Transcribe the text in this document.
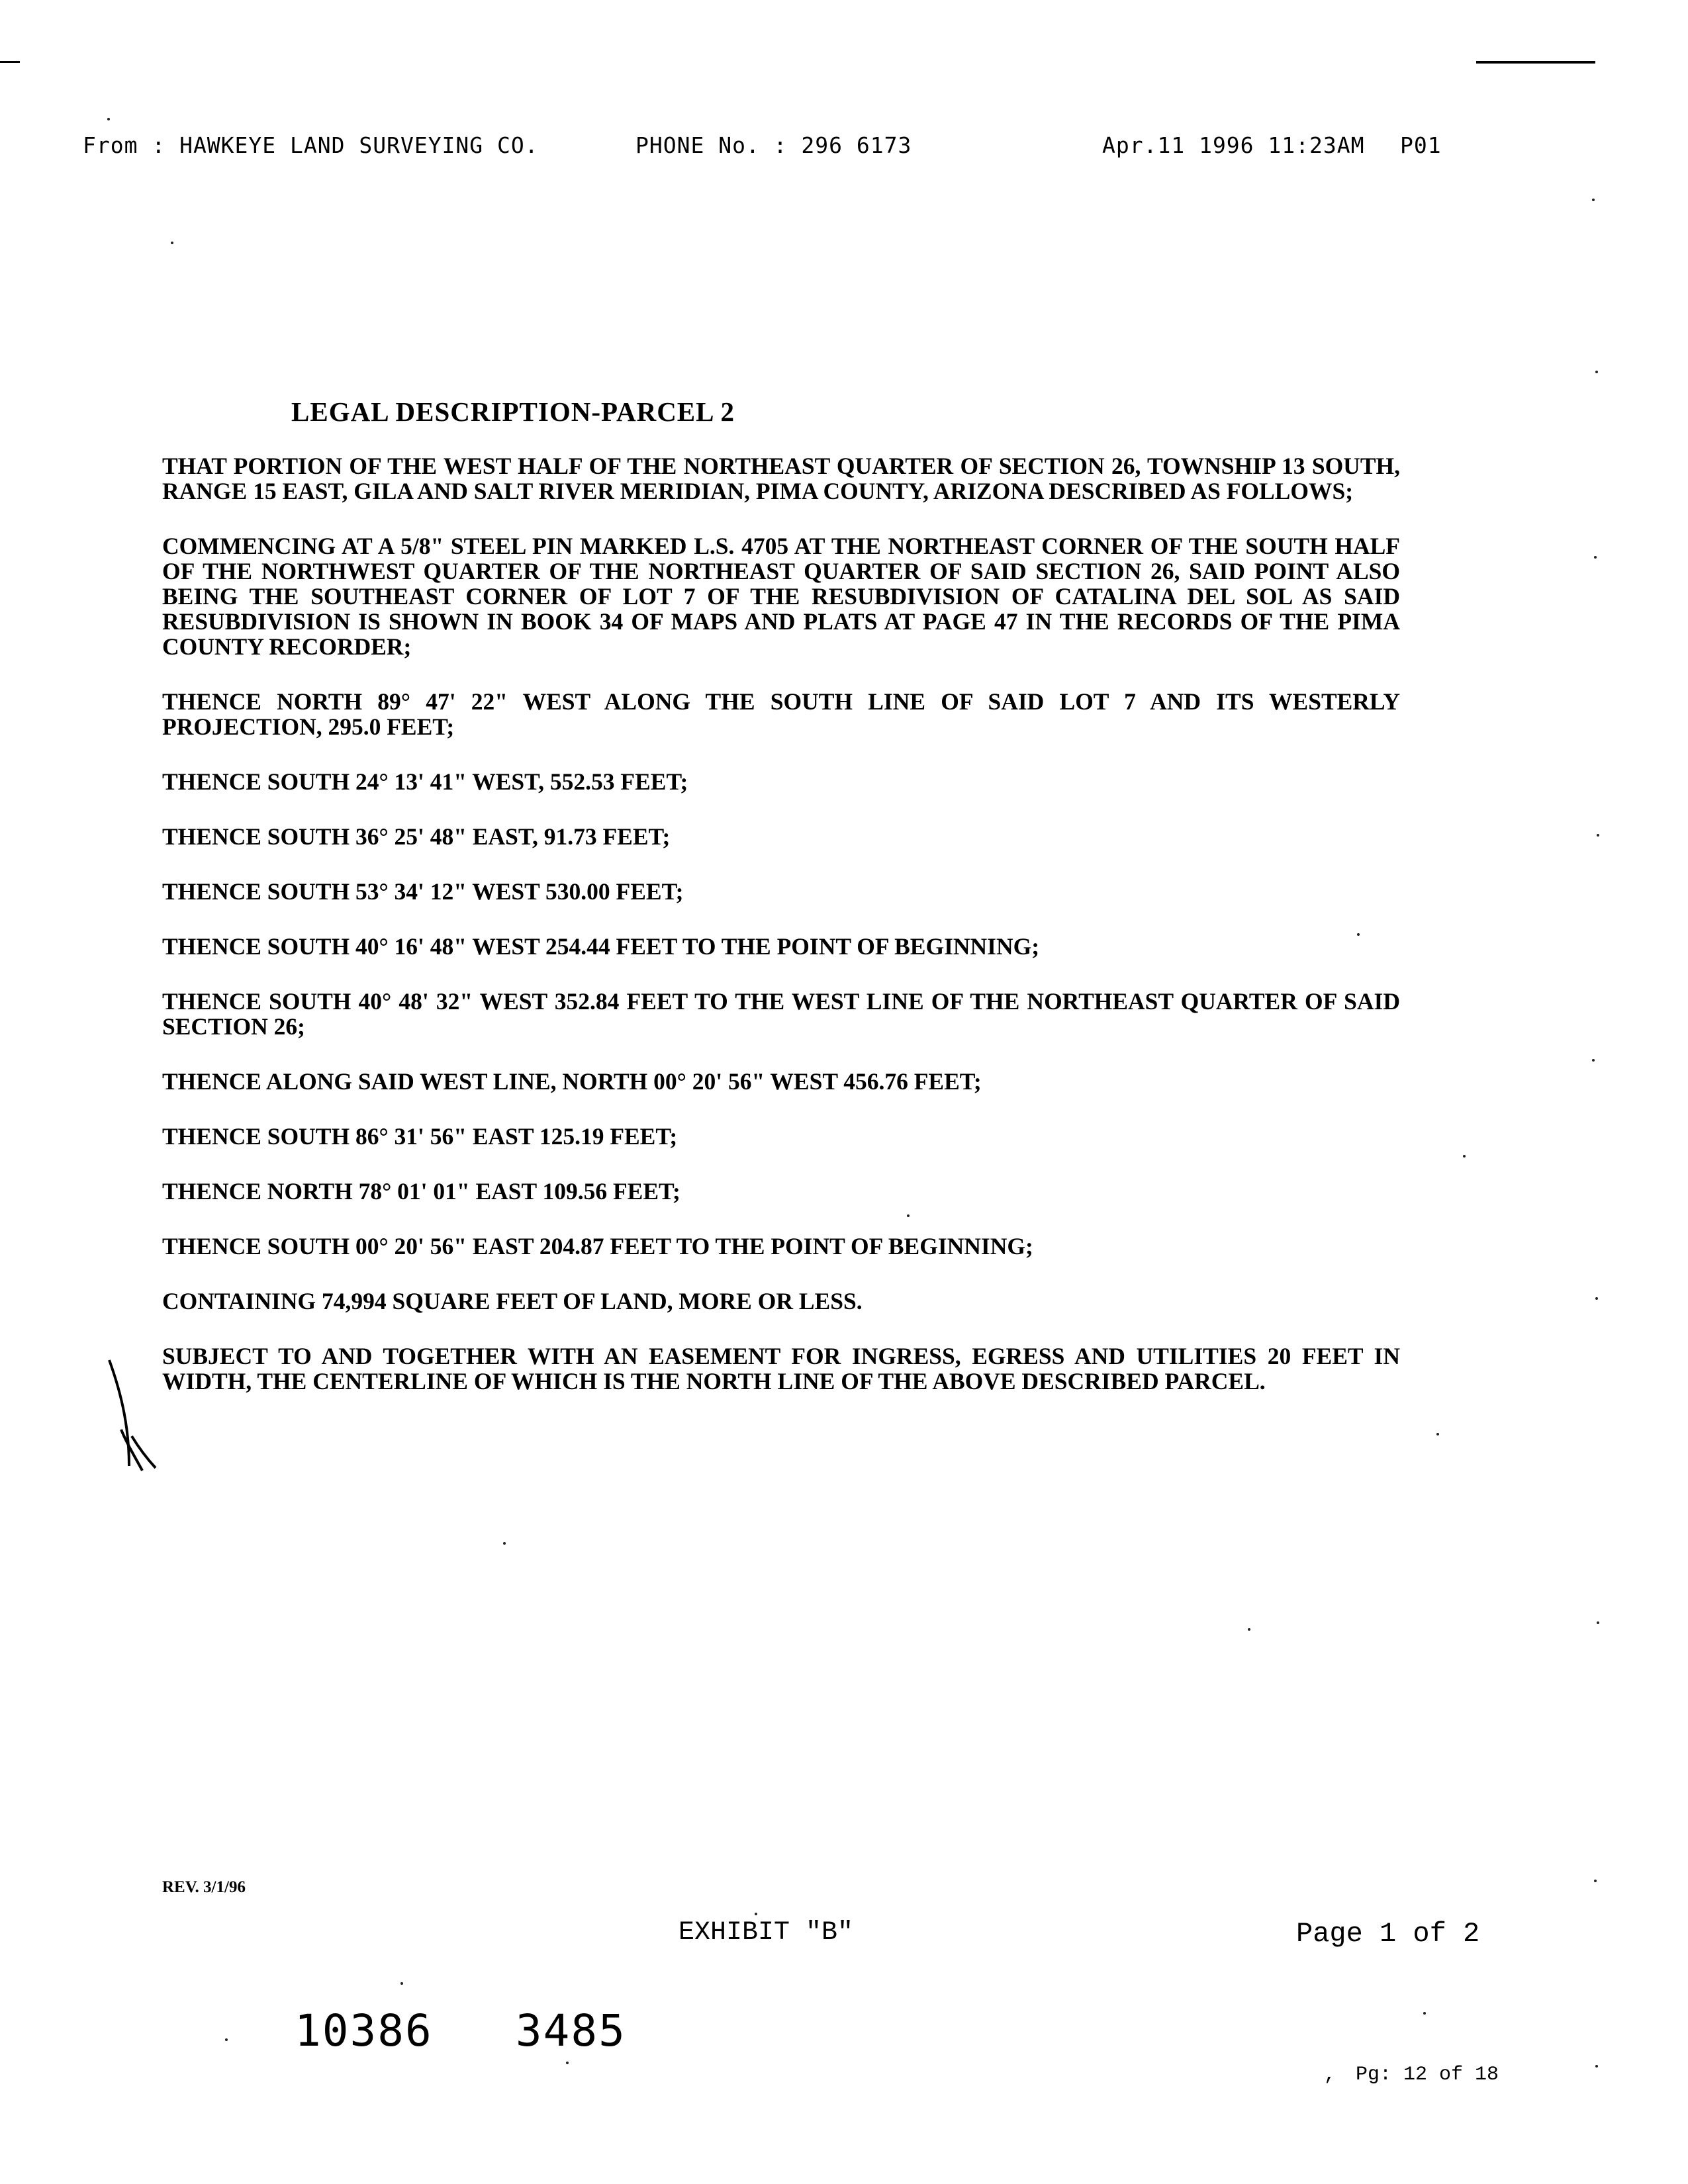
From : HAWKEYE LAND SURVEYING CO.	PHONE No. : 296 6173	Apr.11 1996 11:23AM P01
LEGAL DESCRIPTION-PARCEL 2

THAT PORTION OF THE WEST HALF OF THE NORTHEAST QUARTER OF SECTION 26, TOWNSHIP 13 SOUTH, RANGE 15 EAST, GILA AND SALT RIVER MERIDIAN, PIMA COUNTY, ARIZONA DESCRIBED AS FOLLOWS;

COMMENCING AT A 5/8" STEEL PIN MARKED L.S. 4705 AT THE NORTHEAST CORNER OF THE SOUTH HALF OF THE NORTHWEST QUARTER OF THE NORTHEAST QUARTER OF SAID SECTION 26, SAID POINT ALSO BEING THE SOUTHEAST CORNER OF LOT 7 OF THE RESUBDIVISION OF CATALINA DEL SOL AS SAID RESUBDIVISION IS SHOWN IN BOOK 34 OF MAPS AND PLATS AT PAGE 47 IN THE RECORDS OF THE PIMA COUNTY RECORDER;

THENCE NORTH 89° 47' 22" WEST ALONG THE SOUTH LINE OF SAID LOT 7 AND ITS WESTERLY PROJECTION, 295.0 FEET;

THENCE SOUTH 24° 13' 41" WEST, 552.53 FEET;

THENCE SOUTH 36° 25' 48" EAST, 91.73 FEET;

THENCE SOUTH 53° 34' 12" WEST 530.00 FEET;

THENCE SOUTH 40° 16' 48" WEST 254.44 FEET TO THE POINT OF BEGINNING;

THENCE SOUTH 40° 48' 32" WEST 352.84 FEET TO THE WEST LINE OF THE NORTHEAST QUARTER OF SAID SECTION 26;

THENCE ALONG SAID WEST LINE, NORTH 00° 20' 56" WEST 456.76 FEET;

THENCE SOUTH 86° 31' 56" EAST 125.19 FEET;

THENCE NORTH 78° 01' 01" EAST 109.56 FEET;

THENCE SOUTH 00° 20' 56" EAST 204.87 FEET TO THE POINT OF BEGINNING;

CONTAINING 74,994 SQUARE FEET OF LAND, MORE OR LESS.

SUBJECT TO AND TOGETHER WITH AN EASEMENT FOR INGRESS, EGRESS AND UTILITIES 20 FEET IN WIDTH, THE CENTERLINE OF WHICH IS THE NORTH LINE OF THE ABOVE DESCRIBED PARCEL.

REV. 3/1/96
EXHIBIT "B"	Page 1 of 2
10386   3485
, Pg: 12 of 18
